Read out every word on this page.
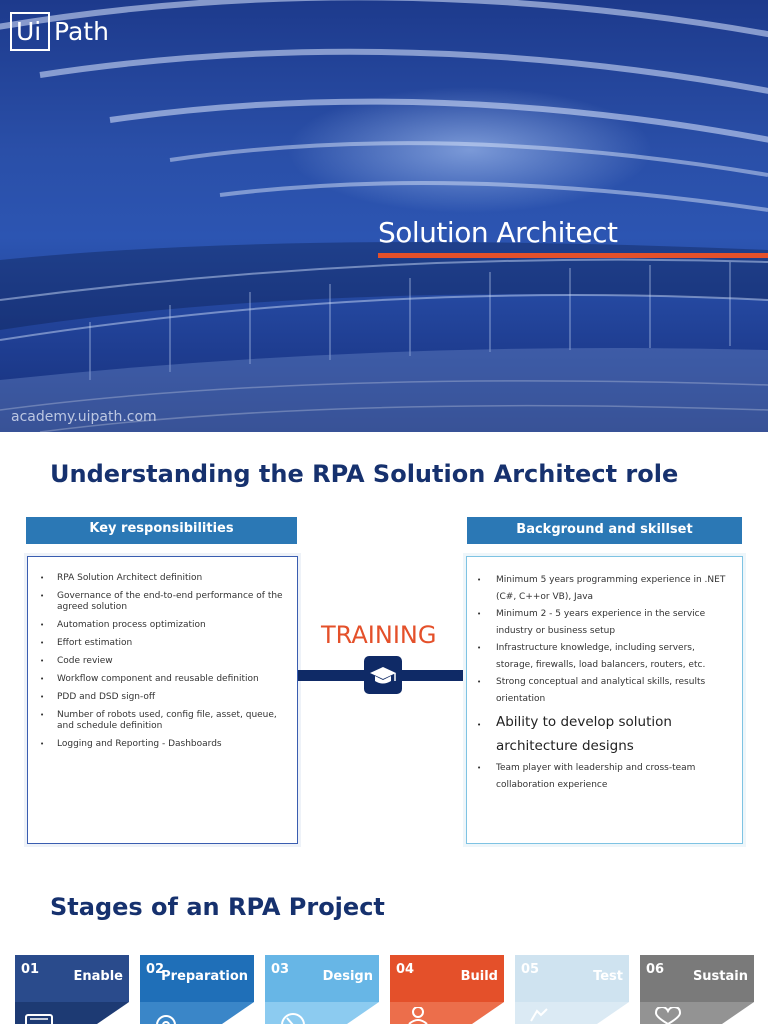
Ui Path
Solution Architect
academy.uipath.com
Understanding the RPA Solution Architect role
Key responsibilities	Background and skillset
• RPA Solution Architect definition
• Governance of the end-to-end performance of the agreed solution
• Automation process optimization
• Effort estimation
• Code review
• Workflow component and reusable definition
• PDD and DSD sign-off
• Number of robots used, config file, asset, queue, and schedule definition
• Logging and Reporting - Dashboards
TRAINING
• Minimum 5 years programming experience in .NET (C#, C++or VB), Java
• Minimum 2 - 5 years experience in the service industry or business setup
• Infrastructure knowledge, including servers, storage, firewalls, load balancers, routers, etc.
• Strong conceptual and analytical skills, results orientation
• Ability to develop solution architecture designs
• Team player with leadership and cross-team collaboration experience
Stages of an RPA Project
01	Enable 02
Preparation 03	Design 04	Build 05	Test 06 Sustain
